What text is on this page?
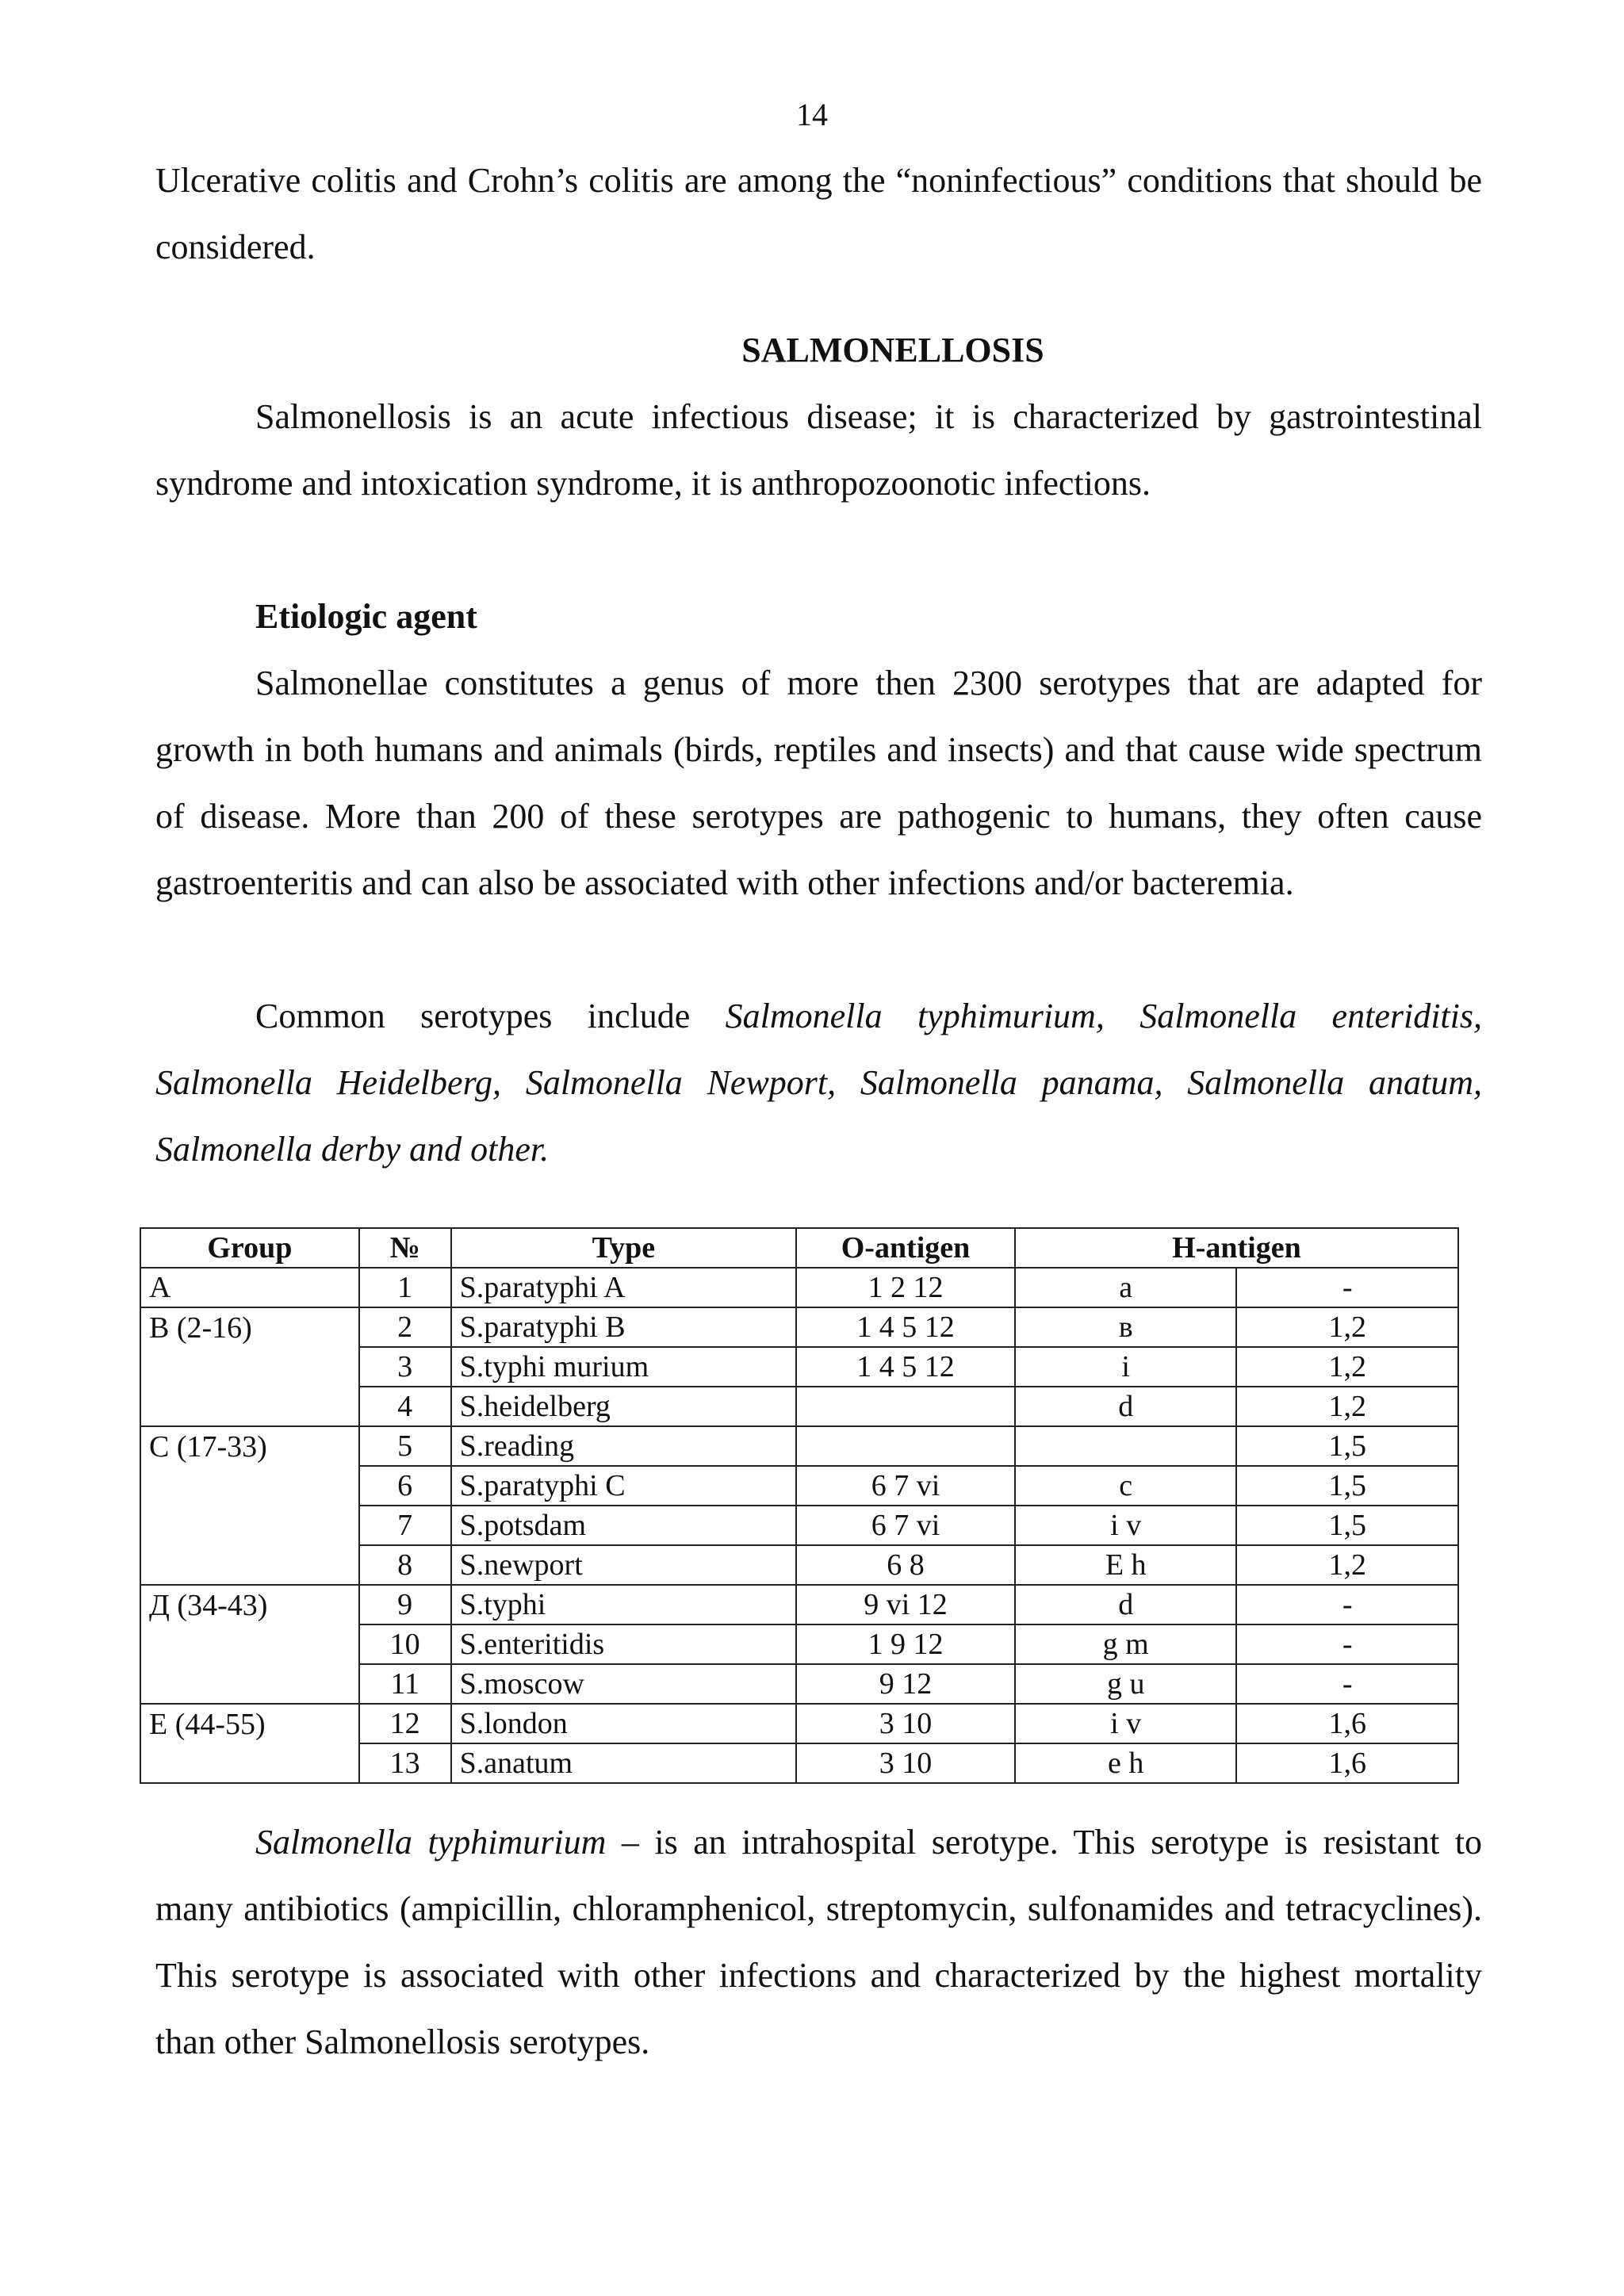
14

Ulcerative colitis and Crohn’s colitis are among the “noninfectious” conditions that should be considered.

SALMONELLOSIS

Salmonellosis is an acute infectious disease; it is characterized by gastrointestinal syndrome and intoxication syndrome, it is anthropozoonotic infections.

Etiologic agent

Salmonellae constitutes a genus of more then 2300 serotypes that are adapted for growth in both humans and animals (birds, reptiles and insects) and that cause wide spectrum of disease. More than 200 of these serotypes are pathogenic to humans, they often cause gastroenteritis and can also be associated with other infections and/or bacteremia.

Common serotypes include Salmonella typhimurium, Salmonella enteriditis, Salmonella Heidelberg, Salmonella Newport, Salmonella panama, Salmonella anatum, Salmonella derby and other.

Group	№	Type	O-antigen	H-antigen	
A	1	S.paratyphi A	1 2 12	a	-
B (2-16)	2	S.paratyphi B	1 4 5 12	в	1,2
	3	S.typhi murium	1 4 5 12	i	1,2
	4	S.heidelberg		d	1,2
C (17-33)	5	S.reading			1,5
	6	S.paratyphi C	6 7 vi	c	1,5
	7	S.potsdam	6 7 vi	i v	1,5
	8	S.newport	6 8	E h	1,2
Д (34-43)	9	S.typhi	9 vi 12	d	-
	10	S.enteritidis	1 9 12	g m	-
	11	S.moscow	9 12	g u	-
E (44-55)	12	S.london	3 10	i v	1,6
	13	S.anatum	3 10	e h	1,6

Salmonella typhimurium – is an intrahospital serotype. This serotype is resistant to many antibiotics (ampicillin, chloramphenicol, streptomycin, sulfonamides and tetracyclines). This serotype is associated with other infections and characterized by the highest mortality than other Salmonellosis serotypes.
